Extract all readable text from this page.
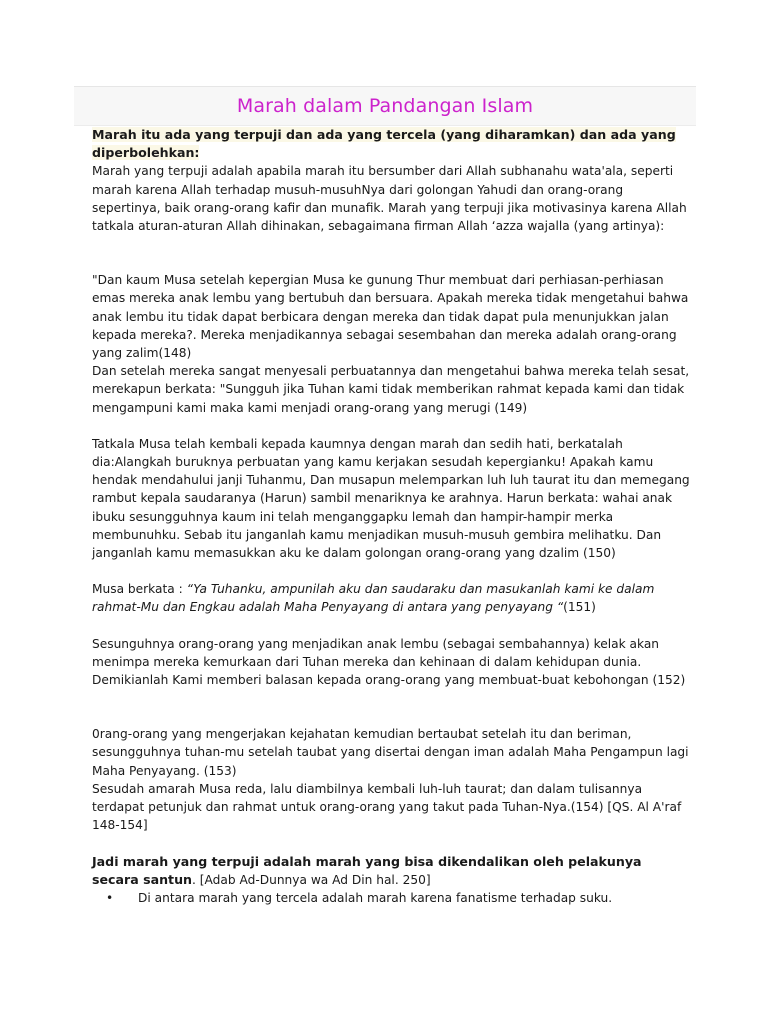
Marah dalam Pandangan Islam

Marah itu ada yang terpuji dan ada yang tercela (yang diharamkan) dan ada yang diperbolehkan:

Marah yang terpuji adalah apabila marah itu bersumber dari Allah subhanahu wata'ala, seperti marah karena Allah terhadap musuh-musuhNya dari golongan Yahudi dan orang-orang sepertinya, baik orang-orang kafir dan munafik. Marah yang terpuji jika motivasinya karena Allah tatkala aturan-aturan Allah dihinakan, sebagaimana firman Allah ‘azza wajalla (yang artinya):

"Dan kaum Musa setelah kepergian Musa ke gunung Thur membuat dari perhiasan-perhiasan emas mereka anak lembu yang bertubuh dan bersuara. Apakah mereka tidak mengetahui bahwa anak lembu itu tidak dapat berbicara dengan mereka dan tidak dapat pula menunjukkan jalan kepada mereka?. Mereka menjadikannya sebagai sesembahan dan mereka adalah orang-orang yang zalim(148)

Dan setelah mereka sangat menyesali perbuatannya dan mengetahui bahwa mereka telah sesat, merekapun berkata: "Sungguh jika Tuhan kami tidak memberikan rahmat kepada kami dan tidak mengampuni kami maka kami menjadi orang-orang yang merugi (149)

Tatkala Musa telah kembali kepada kaumnya dengan marah dan sedih hati, berkatalah dia:Alangkah buruknya perbuatan yang kamu kerjakan sesudah kepergianku! Apakah kamu hendak mendahului janji Tuhanmu, Dan musapun melemparkan luh luh taurat itu dan memegang rambut kepala saudaranya (Harun) sambil menariknya ke arahnya. Harun berkata: wahai anak ibuku sesungguhnya kaum ini telah menganggapku lemah dan hampir-hampir merka membunuhku. Sebab itu janganlah kamu menjadikan musuh-musuh gembira melihatku. Dan janganlah kamu memasukkan aku ke dalam golongan orang-orang yang dzalim (150)

Musa berkata : “Ya Tuhanku, ampunilah aku dan saudaraku dan masukanlah kami ke dalam rahmat-Mu dan Engkau adalah Maha Penyayang di antara yang penyayang “(151)

Sesunguhnya orang-orang yang menjadikan anak lembu (sebagai sembahannya) kelak akan menimpa mereka kemurkaan dari Tuhan mereka dan kehinaan di dalam kehidupan dunia. Demikianlah Kami memberi balasan kepada orang-orang yang membuat-buat kebohongan (152)

0rang-orang yang mengerjakan kejahatan kemudian bertaubat setelah itu dan beriman, sesungguhnya tuhan-mu setelah taubat yang disertai dengan iman adalah Maha Pengampun lagi Maha Penyayang. (153)

Sesudah amarah Musa reda, lalu diambilnya kembali luh-luh taurat; dan dalam tulisannya terdapat petunjuk dan rahmat untuk orang-orang yang takut pada Tuhan-Nya.(154) [QS. Al A'raf 148-154]

Jadi marah yang terpuji adalah marah yang bisa dikendalikan oleh pelakunya secara santun. [Adab Ad-Dunnya wa Ad Din hal. 250]

• Di antara marah yang tercela adalah marah karena fanatisme terhadap suku.
